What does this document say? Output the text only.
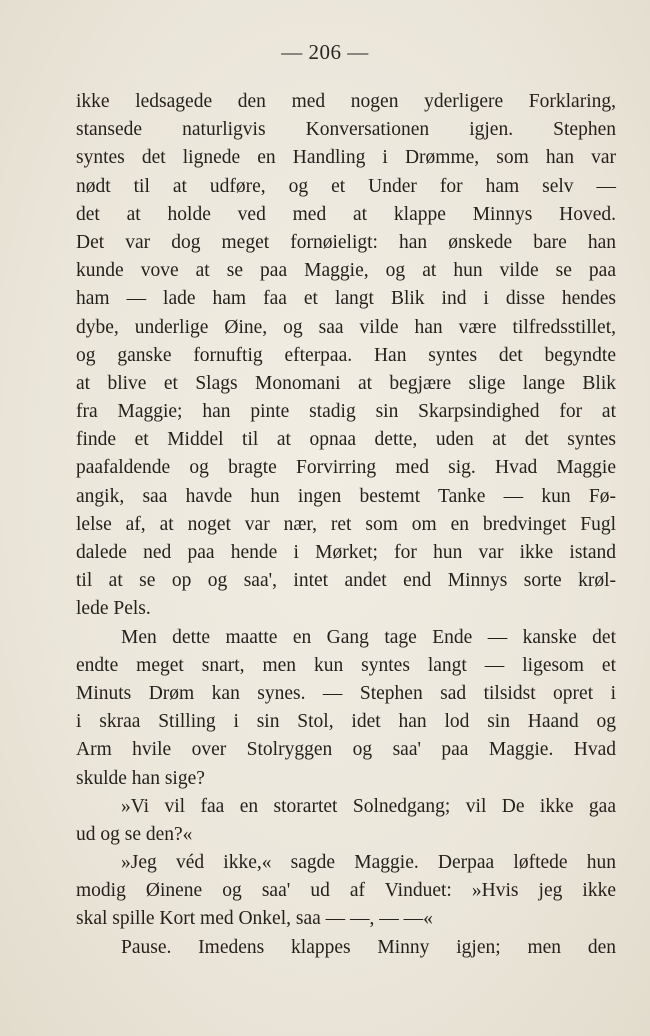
— 206 —
ikke ledsagede den med nogen yderligere Forklaring,
stansede naturligvis Konversationen igjen. Stephen
syntes det lignede en Handling i Drømme, som han var
nødt til at udføre, og et Under for ham selv —
det at holde ved med at klappe Minnys Hoved.
Det var dog meget fornøieligt: han ønskede bare han
kunde vove at se paa Maggie, og at hun vilde se paa
ham — lade ham faa et langt Blik ind i disse hendes
dybe, underlige Øine, og saa vilde han være tilfredsstillet,
og ganske fornuftig efterpaa. Han syntes det begyndte
at blive et Slags Monomani at begjære slige lange Blik
fra Maggie; han pinte stadig sin Skarpsindighed for at
finde et Middel til at opnaa dette, uden at det syntes
paafaldende og bragte Forvirring med sig. Hvad Maggie
angik, saa havde hun ingen bestemt Tanke — kun Fø-
lelse af, at noget var nær, ret som om en bredvinget Fugl
dalede ned paa hende i Mørket; for hun var ikke istand
til at se op og saa', intet andet end Minnys sorte krøl-
lede Pels.
Men dette maatte en Gang tage Ende — kanske det
endte meget snart, men kun syntes langt — ligesom et
Minuts Drøm kan synes. — Stephen sad tilsidst opret i
i skraa Stilling i sin Stol, idet han lod sin Haand og
Arm hvile over Stolryggen og saa' paa Maggie. Hvad
skulde han sige?
»Vi vil faa en storartet Solnedgang; vil De ikke gaa
ud og se den?«
»Jeg véd ikke,« sagde Maggie. Derpaa løftede hun
modig Øinene og saa' ud af Vinduet: »Hvis jeg ikke
skal spille Kort med Onkel, saa — —, — —«
Pause. Imedens klappes Minny igjen; men den
